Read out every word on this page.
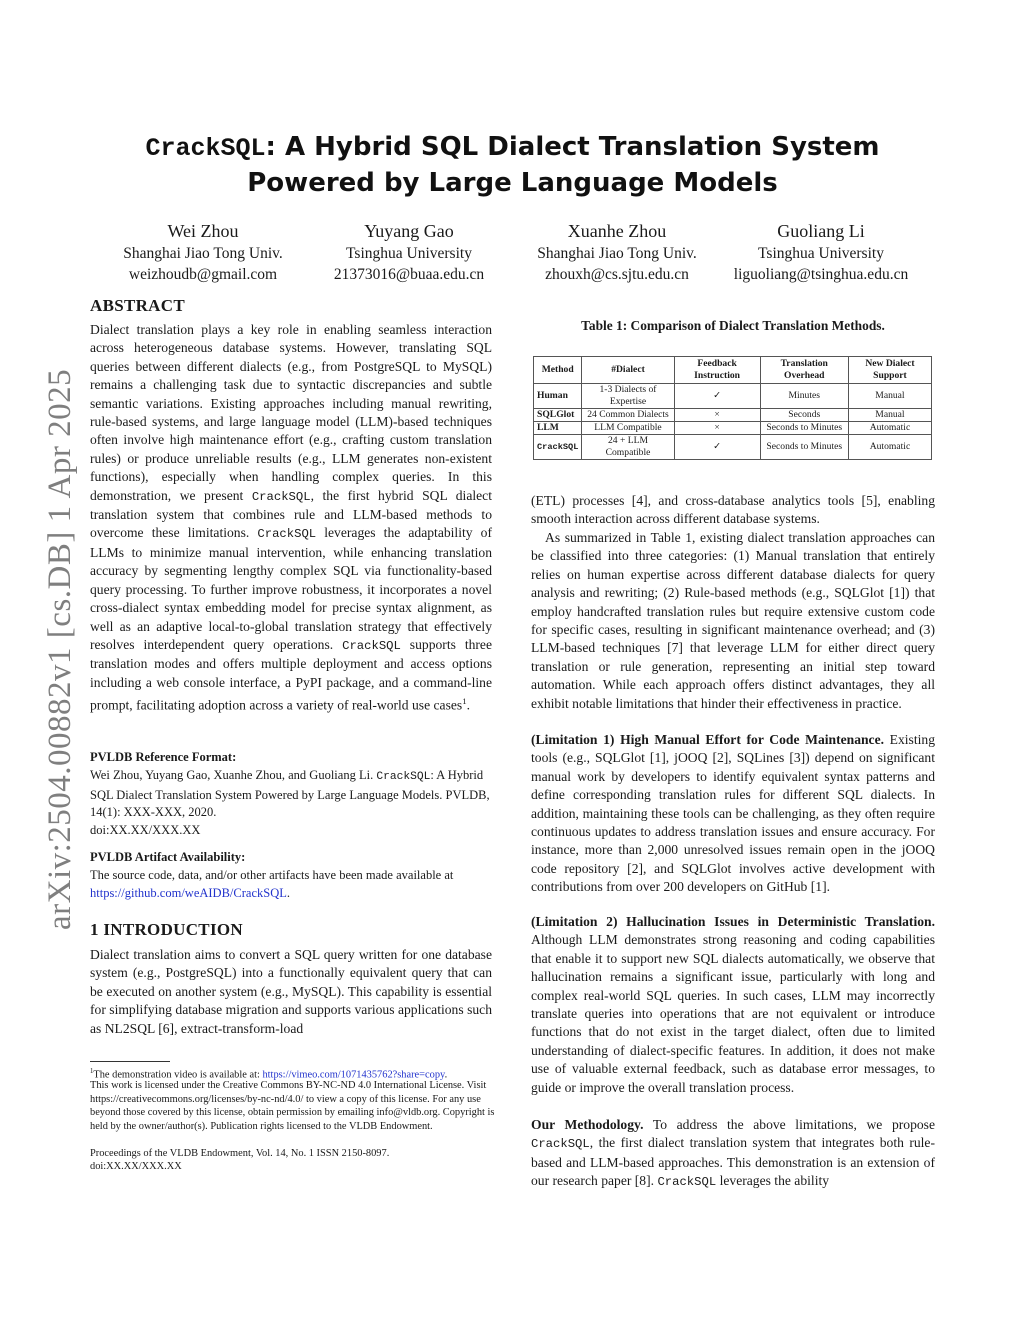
arXiv:2504.00882v1 [cs.DB] 1 Apr 2025
CrackSQL: A Hybrid SQL Dialect Translation System Powered by Large Language Models
Wei Zhou
Shanghai Jiao Tong Univ.
weizhoudb@gmail.com
Yuyang Gao
Tsinghua University
21373016@buaa.edu.cn
Xuanhe Zhou
Shanghai Jiao Tong Univ.
zhouxh@cs.sjtu.edu.cn
Guoliang Li
Tsinghua University
liguoliang@tsinghua.edu.cn
ABSTRACT

Dialect translation plays a key role in enabling seamless interaction across heterogeneous database systems. However, translating SQL queries between different dialects (e.g., from PostgreSQL to MySQL) remains a challenging task due to syntactic discrepancies and subtle semantic variations. Existing approaches including manual rewriting, rule-based systems, and large language model (LLM)-based techniques often involve high maintenance effort (e.g., crafting custom translation rules) or produce unreliable results (e.g., LLM generates non-existent functions), especially when handling complex queries. In this demonstration, we present CrackSQL, the first hybrid SQL dialect translation system that combines rule and LLM-based methods to overcome these limitations. CrackSQL leverages the adaptability of LLMs to minimize manual intervention, while enhancing translation accuracy by segmenting lengthy complex SQL via functionality-based query processing. To further improve robustness, it incorporates a novel cross-dialect syntax embedding model for precise syntax alignment, as well as an adaptive local-to-global translation strategy that effectively resolves interdependent query operations. CrackSQL supports three translation modes and offers multiple deployment and access options including a web console interface, a PyPI package, and a command-line prompt, facilitating adoption across a variety of real-world use cases$^1$.

PVLDB Reference Format:

Wei Zhou, Yuyang Gao, Xuanhe Zhou, and Guoliang Li. CrackSQL: A Hybrid SQL Dialect Translation System Powered by Large Language Models. PVLDB, 14(1): XXX-XXX, 2020.
doi:XX.XX/XXX.XX

PVLDB Artifact Availability:

The source code, data, and/or other artifacts have been made available at https://github.com/weAIDB/CrackSQL.

1 INTRODUCTION

Dialect translation aims to convert a SQL query written for one database system (e.g., PostgreSQL) into a functionally equivalent query that can be executed on another system (e.g., MySQL). This capability is essential for simplifying database migration and supports various applications such as NL2SQL [6], extract-transform-load

$^1$The demonstration video is available at: https://vimeo.com/1071435762?share=copy.

This work is licensed under the Creative Commons BY-NC-ND 4.0 International License. Visit https://creativecommons.org/licenses/by-nc-nd/4.0/ to view a copy of this license. For any use beyond those covered by this license, obtain permission by emailing info@vldb.org. Copyright is held by the owner/author(s). Publication rights licensed to the VLDB Endowment.

Proceedings of the VLDB Endowment, Vol. 14, No. 1 ISSN 2150-8097.

doi:XX.XX/XXX.XX

Table 1: Comparison of Dialect Translation Methods.

Method	#Dialect	Feedback Instruction	Translation Overhead	New Dialect Support
Human	1-3 Dialects of Expertise	✓	Minutes	Manual
SQLGlot	24 Common Dialects	×	Seconds	Manual
LLM	LLM Compatible	×	Seconds to Minutes	Automatic
CrackSQL	24 + LLM Compatible	✓	Seconds to Minutes	Automatic

(ETL) processes [4], and cross-database analytics tools [5], enabling smooth interaction across different database systems.

As summarized in Table 1, existing dialect translation approaches can be classified into three categories: (1) Manual translation that entirely relies on human expertise across different database dialects for query analysis and rewriting; (2) Rule-based methods (e.g., SQLGlot [1]) that employ handcrafted translation rules but require extensive custom code for specific cases, resulting in significant maintenance overhead; and (3) LLM-based techniques [7] that leverage LLM for either direct query translation or rule generation, representing an initial step toward automation. While each approach offers distinct advantages, they all exhibit notable limitations that hinder their effectiveness in practice.

(Limitation 1) High Manual Effort for Code Maintenance. Existing tools (e.g., SQLGlot [1], jOOQ [2], SQLines [3]) depend on significant manual work by developers to identify equivalent syntax patterns and define corresponding translation rules for different SQL dialects. In addition, maintaining these tools can be challenging, as they often require continuous updates to address translation issues and ensure accuracy. For instance, more than 2,000 unresolved issues remain open in the jOOQ code repository [2], and SQLGlot involves active development with contributions from over 200 developers on GitHub [1].

(Limitation 2) Hallucination Issues in Deterministic Translation. Although LLM demonstrates strong reasoning and coding capabilities that enable it to support new SQL dialects automatically, we observe that hallucination remains a significant issue, particularly with long and complex real-world SQL queries. In such cases, LLM may incorrectly translate queries into operations that are not equivalent or introduce functions that do not exist in the target dialect, often due to limited understanding of dialect-specific features. In addition, it does not make use of valuable external feedback, such as database error messages, to guide or improve the overall translation process.

Our Methodology. To address the above limitations, we propose CrackSQL, the first dialect translation system that integrates both rule-based and LLM-based approaches. This demonstration is an extension of our research paper [8]. CrackSQL leverages the ability
